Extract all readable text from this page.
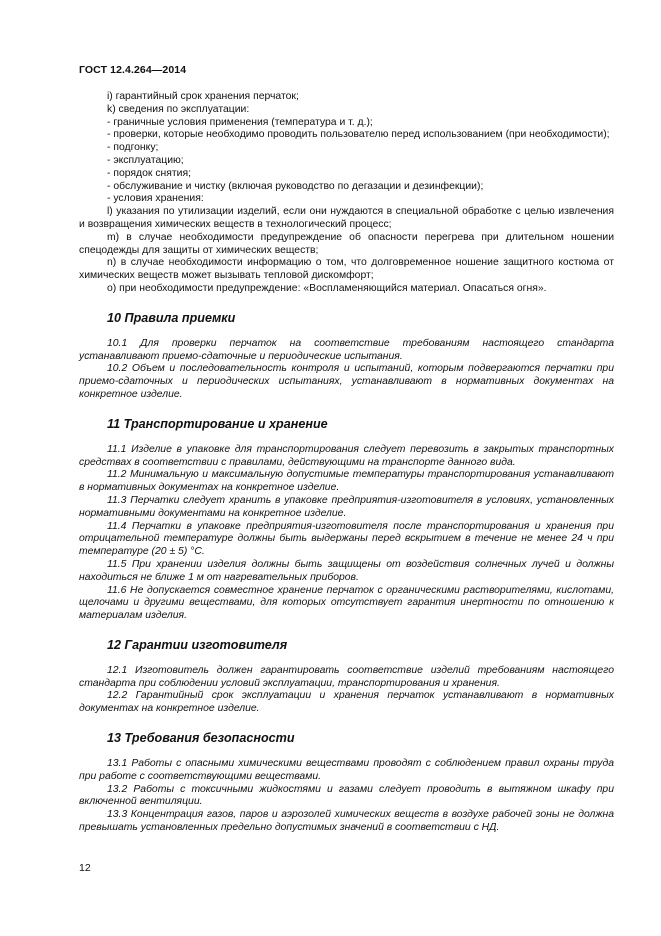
ГОСТ 12.4.264—2014

i) гарантийный срок хранения перчаток;

k) сведения по эксплуатации:

- граничные условия применения (температура и т. д.);

- проверки, которые необходимо проводить пользователю перед использованием (при необходимости);

- подгонку;

- эксплуатацию;

- порядок снятия;

- обслуживание и чистку (включая руководство по дегазации и дезинфекции);

- условия хранения:

l) указания по утилизации изделий, если они нуждаются в специальной обработке с целью извлечения и возвращения химических веществ в технологический процесс;

m) в случае необходимости предупреждение об опасности перегрева при длительном ношении спецодежды для защиты от химических веществ;

n) в случае необходимости информацию о том, что долговременное ношение защитного костюма от химических веществ может вызывать тепловой дискомфорт;

o) при необходимости предупреждение: «Воспламеняющийся материал. Опасаться огня».

10 Правила приемки

10.1 Для проверки перчаток на соответствие требованиям настоящего стандарта устанавливают приемо-сдаточные и периодические испытания.

10.2 Объем и последовательность контроля и испытаний, которым подвергаются перчатки при приемо-сдаточных и периодических испытаниях, устанавливают в нормативных документах на конкретное изделие.

11 Транспортирование и хранение

11.1 Изделие в упаковке для транспортирования следует перевозить в закрытых транспортных средствах в соответствии с правилами, действующими на транспорте данного вида.

11.2 Минимальную и максимальную допустимые температуры транспортирования устанавливают в нормативных документах на конкретное изделие.

11.3 Перчатки следует хранить в упаковке предприятия-изготовителя в условиях, установленных нормативными документами на конкретное изделие.

11.4 Перчатки в упаковке предприятия-изготовителя после транспортирования и хранения при отрицательной температуре должны быть выдержаны перед вскрытием в течение не менее 24 ч при температуре (20 ± 5) °С.

11.5 При хранении изделия должны быть защищены от воздействия солнечных лучей и должны находиться не ближе 1 м от нагревательных приборов.

11.6 Не допускается совместное хранение перчаток с органическими растворителями, кислотами, щелочами и другими веществами, для которых отсутствует гарантия инертности по отношению к материалам изделия.

12 Гарантии изготовителя

12.1 Изготовитель должен гарантировать соответствие изделий требованиям настоящего стандарта при соблюдении условий эксплуатации, транспортирования и хранения.

12.2 Гарантийный срок эксплуатации и хранения перчаток устанавливают в нормативных документах на конкретное изделие.

13 Требования безопасности

13.1 Работы с опасными химическими веществами проводят с соблюдением правил охраны труда при работе с соответствующими веществами.

13.2 Работы с токсичными жидкостями и газами следует проводить в вытяжном шкафу при включенной вентиляции.

13.3 Концентрация газов, паров и аэрозолей химических веществ в воздухе рабочей зоны не должна превышать установленных предельно допустимых значений в соответствии с НД.

12
